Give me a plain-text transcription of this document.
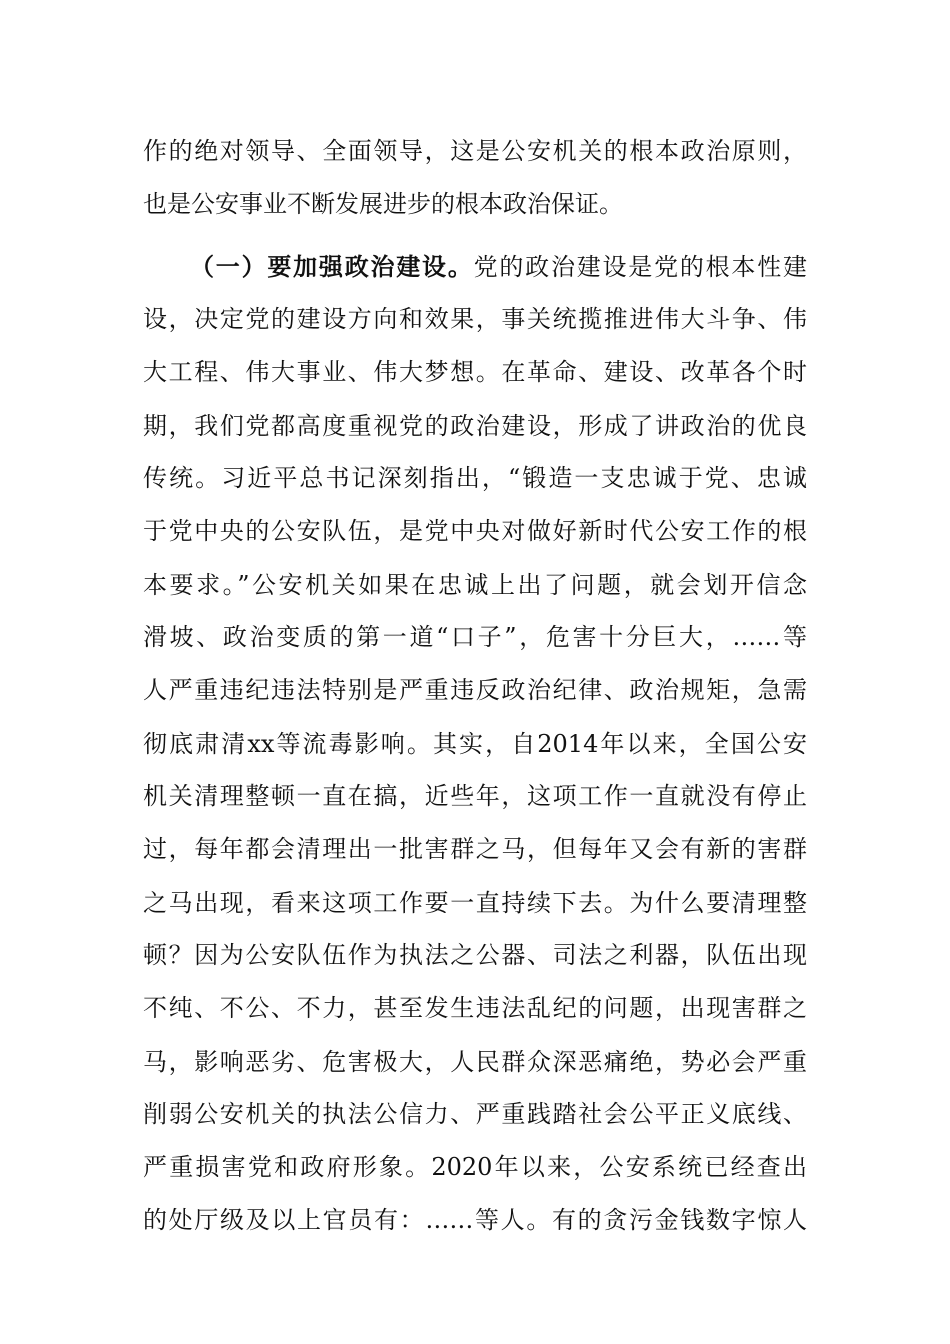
作的绝对领导、全面领导，这是公安机关的根本政治原则，
也是公安事业不断发展进步的根本政治保证。
（一）要加强政治建设。党的政治建设是党的根本性建
设，决定党的建设方向和效果，事关统揽推进伟大斗争、伟
大工程、伟大事业、伟大梦想。在革命、建设、改革各个时
期，我们党都高度重视党的政治建设，形成了讲政治的优良
传统。习近平总书记深刻指出，“锻造一支忠诚于党、忠诚
于党中央的公安队伍，是党中央对做好新时代公安工作的根
本要求。”公安机关如果在忠诚上出了问题，就会划开信念
滑坡、政治变质的第一道“口子”，危害十分巨大，……等
人严重违纪违法特别是严重违反政治纪律、政治规矩，急需
彻底肃清xx等流毒影响。其实，自2014年以来，全国公安
机关清理整顿一直在搞，近些年，这项工作一直就没有停止
过，每年都会清理出一批害群之马，但每年又会有新的害群
之马出现，看来这项工作要一直持续下去。为什么要清理整
顿？因为公安队伍作为执法之公器、司法之利器，队伍出现
不纯、不公、不力，甚至发生违法乱纪的问题，出现害群之
马，影响恶劣、危害极大，人民群众深恶痛绝，势必会严重
削弱公安机关的执法公信力、严重践踏社会公平正义底线、
严重损害党和政府形象。2020年以来，公安系统已经查出
的处厅级及以上官员有：……等人。有的贪污金钱数字惊人
